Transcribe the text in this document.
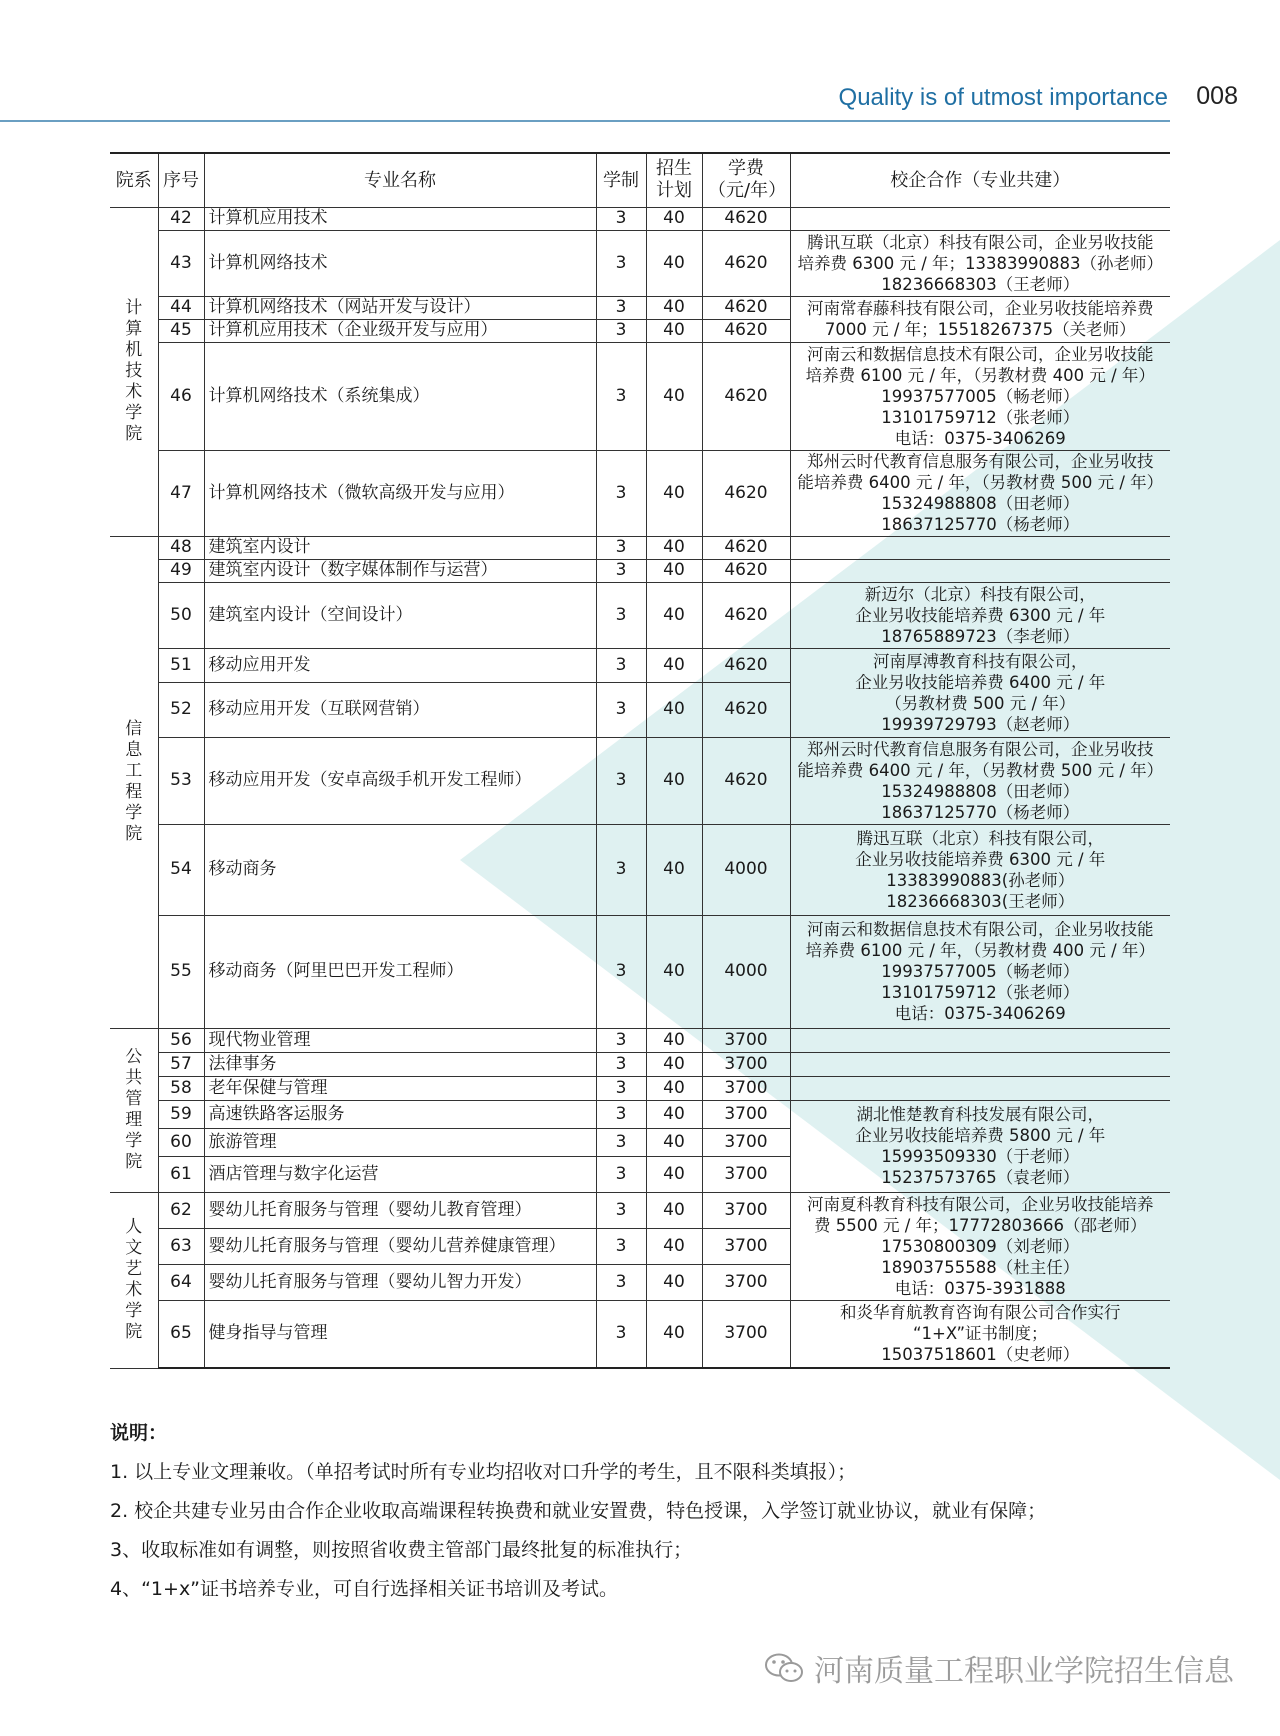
Quality is of utmost importance 008
院系	序号	专业名称	学制	招生计划	学费（元/年）	校企合作（专业共建）
计算机技术学院	42	计算机应用技术	3	40	4620	
	43	计算机网络技术	3	40	4620	腾讯互联（北京）科技有限公司，企业另收技能
培养费 6300 元 / 年；13383990883（孙老师）
18236668303（王老师）

	44	计算机网络技术（网站开发与设计）	3	40	4620	河南常春藤科技有限公司，企业另收技能培养费
7000 元 / 年；15518267375（关老师）

	45	计算机应用技术（企业级开发与应用）	3	40	4620	
	46	计算机网络技术（系统集成）	3	40	4620	河南云和数据信息技术有限公司，企业另收技能
培养费 6100 元 / 年，（另教材费 400 元 / 年）
19937577005（畅老师）
13101759712（张老师）
电话：0375-3406269

	47	计算机网络技术（微软高级开发与应用）	3	40	4620	郑州云时代教育信息服务有限公司，企业另收技
能培养费 6400 元 / 年，（另教材费 500 元 / 年）
15324988808（田老师）
18637125770（杨老师）

信息工程学院	48	建筑室内设计	3	40	4620	
	49	建筑室内设计（数字媒体制作与运营）	3	40	4620	
	50	建筑室内设计（空间设计）	3	40	4620	新迈尔（北京）科技有限公司，
企业另收技能培养费 6300 元 / 年
18765889723（李老师）

	51	移动应用开发	3	40	4620	河南厚溥教育科技有限公司，
企业另收技能培养费 6400 元 / 年
（另教材费 500 元 / 年）
19939729793（赵老师）

	52	移动应用开发（互联网营销）	3	40	4620	
	53	移动应用开发（安卓高级手机开发工程师）	3	40	4620	郑州云时代教育信息服务有限公司，企业另收技
能培养费 6400 元 / 年，（另教材费 500 元 / 年）
15324988808（田老师）
18637125770（杨老师）

	54	移动商务	3	40	4000	腾迅互联（北京）科技有限公司，
企业另收技能培养费 6300 元 / 年
13383990883(孙老师）
18236668303(王老师）

	55	移动商务（阿里巴巴开发工程师）	3	40	4000	河南云和数据信息技术有限公司，企业另收技能
培养费 6100 元 / 年，（另教材费 400 元 / 年）
19937577005（畅老师）
13101759712（张老师）
电话：0375-3406269

公共管理学院	56	现代物业管理	3	40	3700	
	57	法律事务	3	40	3700	
	58	老年保健与管理	3	40	3700	
	59	高速铁路客运服务	3	40	3700	湖北惟楚教育科技发展有限公司，
企业另收技能培养费 5800 元 / 年
15993509330（于老师）
15237573765（袁老师）

	60	旅游管理	3	40	3700	
	61	酒店管理与数字化运营	3	40	3700	
人文艺术学院	62	婴幼儿托育服务与管理（婴幼儿教育管理）	3	40	3700	河南夏科教育科技有限公司，企业另收技能培养
费 5500 元 / 年；17772803666（邵老师）
17530800309（刘老师）
18903755588（杜主任）
电话：0375-3931888

	63	婴幼儿托育服务与管理（婴幼儿营养健康管理）	3	40	3700	
	64	婴幼儿托育服务与管理（婴幼儿智力开发）	3	40	3700	
	65	健身指导与管理	3	40	3700	和炎华育航教育咨询有限公司合作实行
“1+X”证书制度；
15037518601（史老师）
说明：
1. 以上专业文理兼收。（单招考试时所有专业均招收对口升学的考生，且不限科类填报）；
2. 校企共建专业另由合作企业收取高端课程转换费和就业安置费，特色授课，入学签订就业协议，就业有保障；
3、收取标准如有调整，则按照省收费主管部门最终批复的标准执行；
4、“1+x”证书培养专业，可自行选择相关证书培训及考试。
河南质量工程职业学院招生信息
